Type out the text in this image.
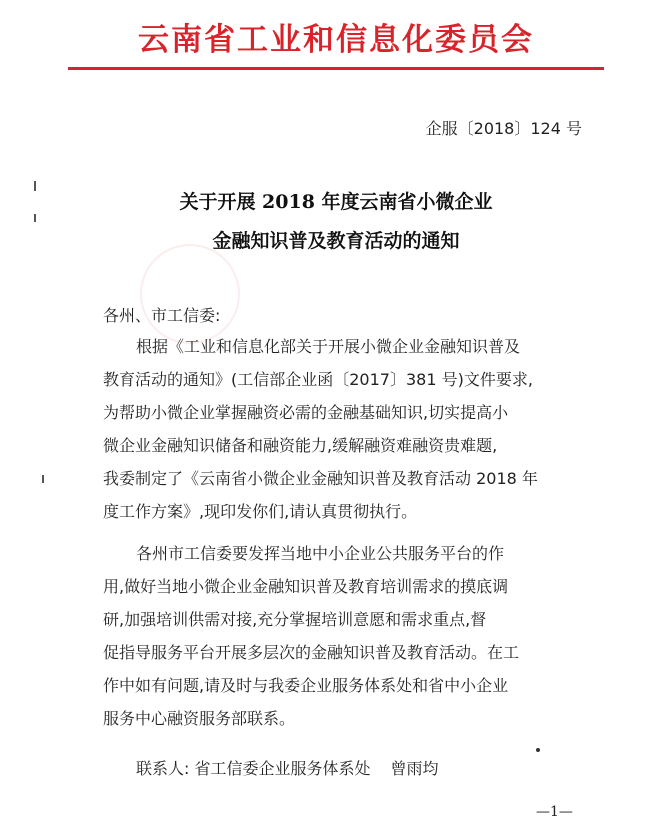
云南省工业和信息化委员会
企服〔2018〕124 号
关于开展 2018 年度云南省小微企业
金融知识普及教育活动的通知
各州、市工信委:
根据《工业和信息化部关于开展小微企业金融知识普及
教育活动的通知》(工信部企业函〔2017〕381 号)文件要求,
为帮助小微企业掌握融资必需的金融基础知识,切实提高小
微企业金融知识储备和融资能力,缓解融资难融资贵难题,
我委制定了《云南省小微企业金融知识普及教育活动 2018 年
度工作方案》,现印发你们,请认真贯彻执行。
各州市工信委要发挥当地中小企业公共服务平台的作
用,做好当地小微企业金融知识普及教育培训需求的摸底调
研,加强培训供需对接,充分掌握培训意愿和需求重点,督
促指导服务平台开展多层次的金融知识普及教育活动。在工
作中如有问题,请及时与我委企业服务体系处和省中小企业
服务中心融资服务部联系。
联系人: 省工信委企业服务体系处 曾雨均
—1—
